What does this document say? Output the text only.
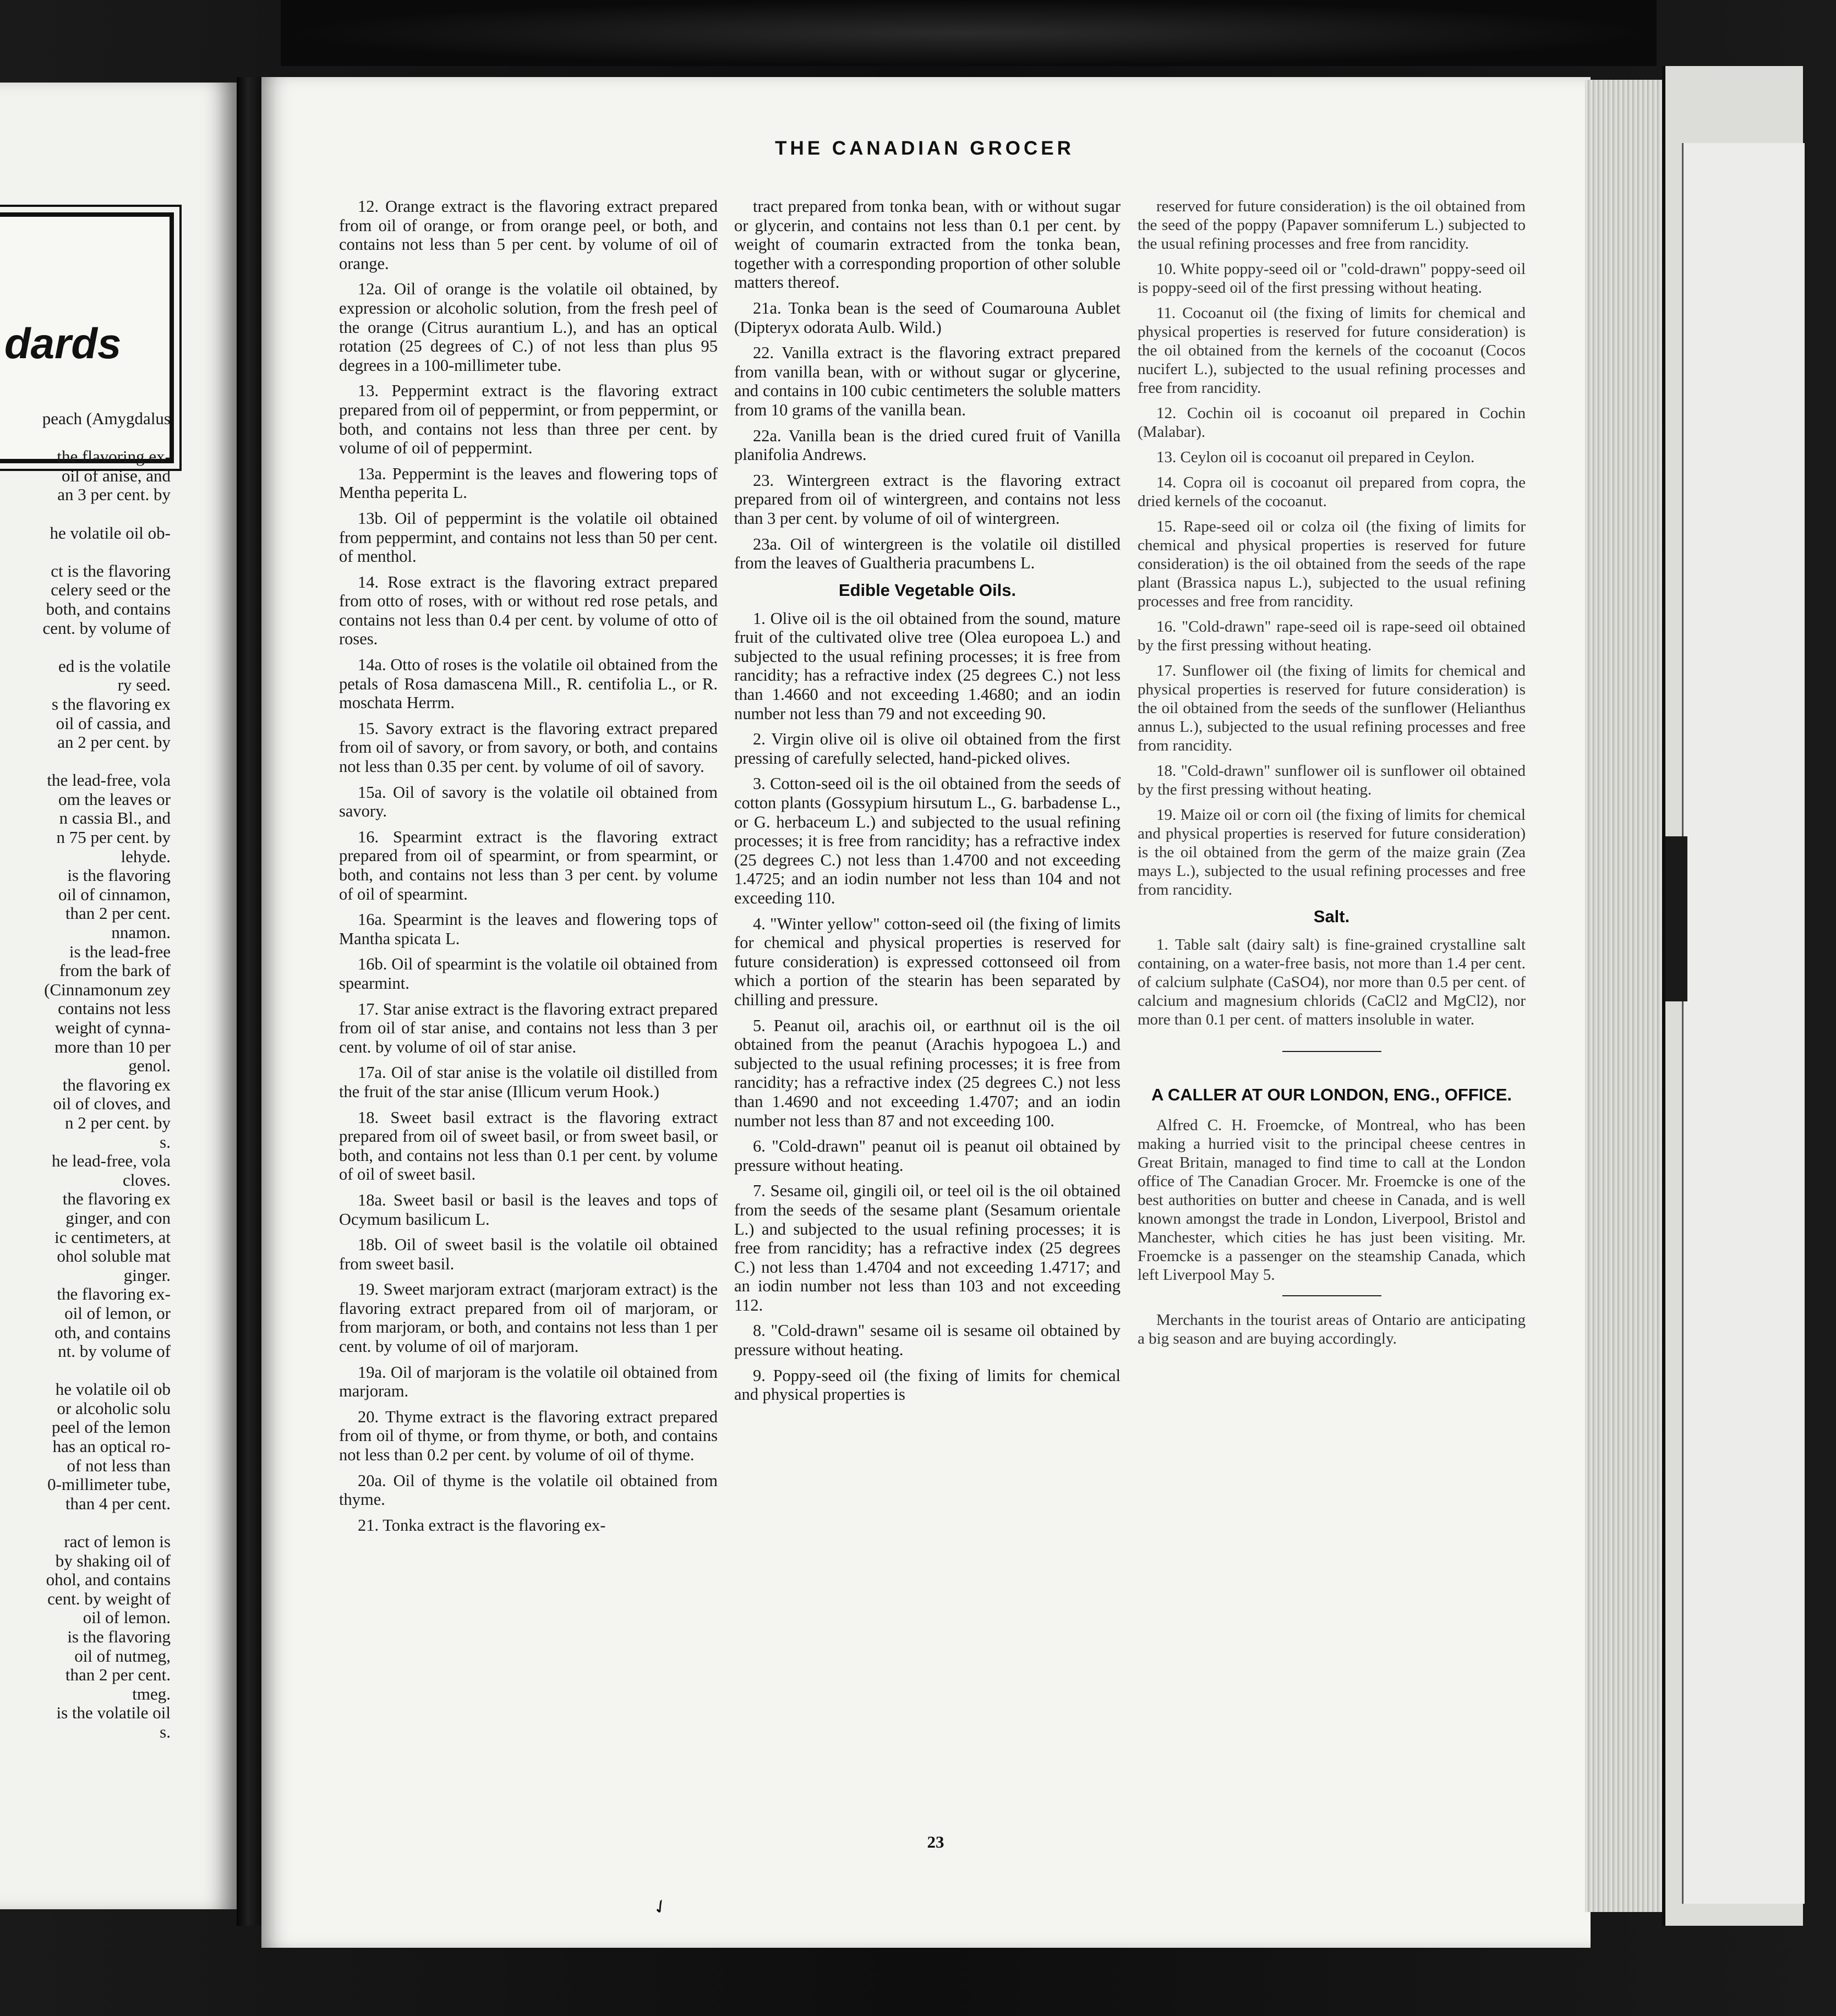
dards
peach (Amygdalus
the flavoring ex-
oil of anise, and
an 3 per cent. by
he volatile oil ob-
ct is the flavoring
celery seed or the
both, and contains
cent. by volume of
ed is the volatile
ry seed.
s the flavoring ex
oil of cassia, and
an 2 per cent. by
the lead-free, vola
om the leaves or
n cassia Bl., and
n 75 per cent. by
lehyde.
is the flavoring
oil of cinnamon,
than 2 per cent.
nnamon.
is the lead-free
from the bark of
(Cinnamonum zey
contains not less
weight of cynna-
more than 10 per
genol.
the flavoring ex
oil of cloves, and
n 2 per cent. by
s.
he lead-free, vola
cloves.
the flavoring ex
ginger, and con
ic centimeters, at
ohol soluble mat
ginger.
the flavoring ex-
oil of lemon, or
oth, and contains
nt. by volume of
he volatile oil ob
or alcoholic solu
peel of the lemon
has an optical ro-
of not less than
0-millimeter tube,
than 4 per cent.
ract of lemon is
by shaking oil of
ohol, and contains
cent. by weight of
oil of lemon.
is the flavoring
oil of nutmeg,
than 2 per cent.
tmeg.
is the volatile oil
s.
THE CANADIAN GROCER

12. Orange extract is the flavoring extract prepared from oil of orange, or from orange peel, or both, and contains not less than 5 per cent. by volume of oil of orange.

12a. Oil of orange is the volatile oil obtained, by expression or alcoholic solution, from the fresh peel of the orange (Citrus aurantium L.), and has an optical rotation (25 degrees of C.) of not less than plus 95 degrees in a 100-millimeter tube.

13. Peppermint extract is the flavoring extract prepared from oil of peppermint, or from peppermint, or both, and contains not less than three per cent. by volume of oil of peppermint.

13a. Peppermint is the leaves and flowering tops of Mentha peperita L.

13b. Oil of peppermint is the volatile oil obtained from peppermint, and contains not less than 50 per cent. of menthol.

14. Rose extract is the flavoring extract prepared from otto of roses, with or without red rose petals, and contains not less than 0.4 per cent. by volume of otto of roses.

14a. Otto of roses is the volatile oil obtained from the petals of Rosa damascena Mill., R. centifolia L., or R. moschata Herrm.

15. Savory extract is the flavoring extract prepared from oil of savory, or from savory, or both, and contains not less than 0.35 per cent. by volume of oil of savory.

15a. Oil of savory is the volatile oil obtained from savory.

16. Spearmint extract is the flavoring extract prepared from oil of spearmint, or from spearmint, or both, and contains not less than 3 per cent. by volume of oil of spearmint.

16a. Spearmint is the leaves and flowering tops of Mantha spicata L.

16b. Oil of spearmint is the volatile oil obtained from spearmint.

17. Star anise extract is the flavoring extract prepared from oil of star anise, and contains not less than 3 per cent. by volume of oil of star anise.

17a. Oil of star anise is the volatile oil distilled from the fruit of the star anise (Illicum verum Hook.)

18. Sweet basil extract is the flavoring extract prepared from oil of sweet basil, or from sweet basil, or both, and contains not less than 0.1 per cent. by volume of oil of sweet basil.

18a. Sweet basil or basil is the leaves and tops of Ocymum basilicum L.

18b. Oil of sweet basil is the volatile oil obtained from sweet basil.

19. Sweet marjoram extract (marjoram extract) is the flavoring extract prepared from oil of marjoram, or from marjoram, or both, and contains not less than 1 per cent. by volume of oil of marjoram.

19a. Oil of marjoram is the volatile oil obtained from marjoram.

20. Thyme extract is the flavoring extract prepared from oil of thyme, or from thyme, or both, and contains not less than 0.2 per cent. by volume of oil of thyme.

20a. Oil of thyme is the volatile oil obtained from thyme.

21. Tonka extract is the flavoring ex-

tract prepared from tonka bean, with or without sugar or glycerin, and contains not less than 0.1 per cent. by weight of coumarin extracted from the tonka bean, together with a corresponding proportion of other soluble matters thereof.

21a. Tonka bean is the seed of Coumarouna Aublet (Dipteryx odorata Aulb. Wild.)

22. Vanilla extract is the flavoring extract prepared from vanilla bean, with or without sugar or glycerine, and contains in 100 cubic centimeters the soluble matters from 10 grams of the vanilla bean.

22a. Vanilla bean is the dried cured fruit of Vanilla planifolia Andrews.

23. Wintergreen extract is the flavoring extract prepared from oil of wintergreen, and contains not less than 3 per cent. by volume of oil of wintergreen.

23a. Oil of wintergreen is the volatile oil distilled from the leaves of Gualtheria pracumbens L.

Edible Vegetable Oils.

1. Olive oil is the oil obtained from the sound, mature fruit of the cultivated olive tree (Olea europoea L.) and subjected to the usual refining processes; it is free from rancidity; has a refractive index (25 degrees C.) not less than 1.4660 and not exceeding 1.4680; and an iodin number not less than 79 and not exceeding 90.

2. Virgin olive oil is olive oil obtained from the first pressing of carefully selected, hand-picked olives.

3. Cotton-seed oil is the oil obtained from the seeds of cotton plants (Gossypium hirsutum L., G. barbadense L., or G. herbaceum L.) and subjected to the usual refining processes; it is free from rancidity; has a refractive index (25 degrees C.) not less than 1.4700 and not exceeding 1.4725; and an iodin number not less than 104 and not exceeding 110.

4. "Winter yellow" cotton-seed oil (the fixing of limits for chemical and physical properties is reserved for future consideration) is expressed cottonseed oil from which a portion of the stearin has been separated by chilling and pressure.

5. Peanut oil, arachis oil, or earthnut oil is the oil obtained from the peanut (Arachis hypogoea L.) and subjected to the usual refining processes; it is free from rancidity; has a refractive index (25 degrees C.) not less than 1.4690 and not exceeding 1.4707; and an iodin number not less than 87 and not exceeding 100.

6. "Cold-drawn" peanut oil is peanut oil obtained by pressure without heating.

7. Sesame oil, gingili oil, or teel oil is the oil obtained from the seeds of the sesame plant (Sesamum orientale L.) and subjected to the usual refining processes; it is free from rancidity; has a refractive index (25 degrees C.) not less than 1.4704 and not exceeding 1.4717; and an iodin number not less than 103 and not exceeding 112.

8. "Cold-drawn" sesame oil is sesame oil obtained by pressure without heating.

9. Poppy-seed oil (the fixing of limits for chemical and physical properties is

reserved for future consideration) is the oil obtained from the seed of the poppy (Papaver somniferum L.) subjected to the usual refining processes and free from rancidity.

10. White poppy-seed oil or "cold-drawn" poppy-seed oil is poppy-seed oil of the first pressing without heating.

11. Cocoanut oil (the fixing of limits for chemical and physical properties is reserved for future consideration) is the oil obtained from the kernels of the cocoanut (Cocos nucifert L.), subjected to the usual refining processes and free from rancidity.

12. Cochin oil is cocoanut oil prepared in Cochin (Malabar).

13. Ceylon oil is cocoanut oil prepared in Ceylon.

14. Copra oil is cocoanut oil prepared from copra, the dried kernels of the cocoanut.

15. Rape-seed oil or colza oil (the fixing of limits for chemical and physical properties is reserved for future consideration) is the oil obtained from the seeds of the rape plant (Brassica napus L.), subjected to the usual refining processes and free from rancidity.

16. "Cold-drawn" rape-seed oil is rape-seed oil obtained by the first pressing without heating.

17. Sunflower oil (the fixing of limits for chemical and physical properties is reserved for future consideration) is the oil obtained from the seeds of the sunflower (Helianthus annus L.), subjected to the usual refining processes and free from rancidity.

18. "Cold-drawn" sunflower oil is sunflower oil obtained by the first pressing without heating.

19. Maize oil or corn oil (the fixing of limits for chemical and physical properties is reserved for future consideration) is the oil obtained from the germ of the maize grain (Zea mays L.), subjected to the usual refining processes and free from rancidity.

Salt.

1. Table salt (dairy salt) is fine-grained crystalline salt containing, on a water-free basis, not more than 1.4 per cent. of calcium sulphate (CaSO4), nor more than 0.5 per cent. of calcium and magnesium chlorids (CaCl2 and MgCl2), nor more than 0.1 per cent. of matters insoluble in water.

A CALLER AT OUR LONDON, ENG., OFFICE.

Alfred C. H. Froemcke, of Montreal, who has been making a hurried visit to the principal cheese centres in Great Britain, managed to find time to call at the London office of The Canadian Grocer. Mr. Froemcke is one of the best authorities on butter and cheese in Canada, and is well known amongst the trade in London, Liverpool, Bristol and Manchester, which cities he has just been visiting. Mr. Froemcke is a passenger on the steamship Canada, which left Liverpool May 5.

Merchants in the tourist areas of Ontario are anticipating a big season and are buying accordingly.

23
✓
